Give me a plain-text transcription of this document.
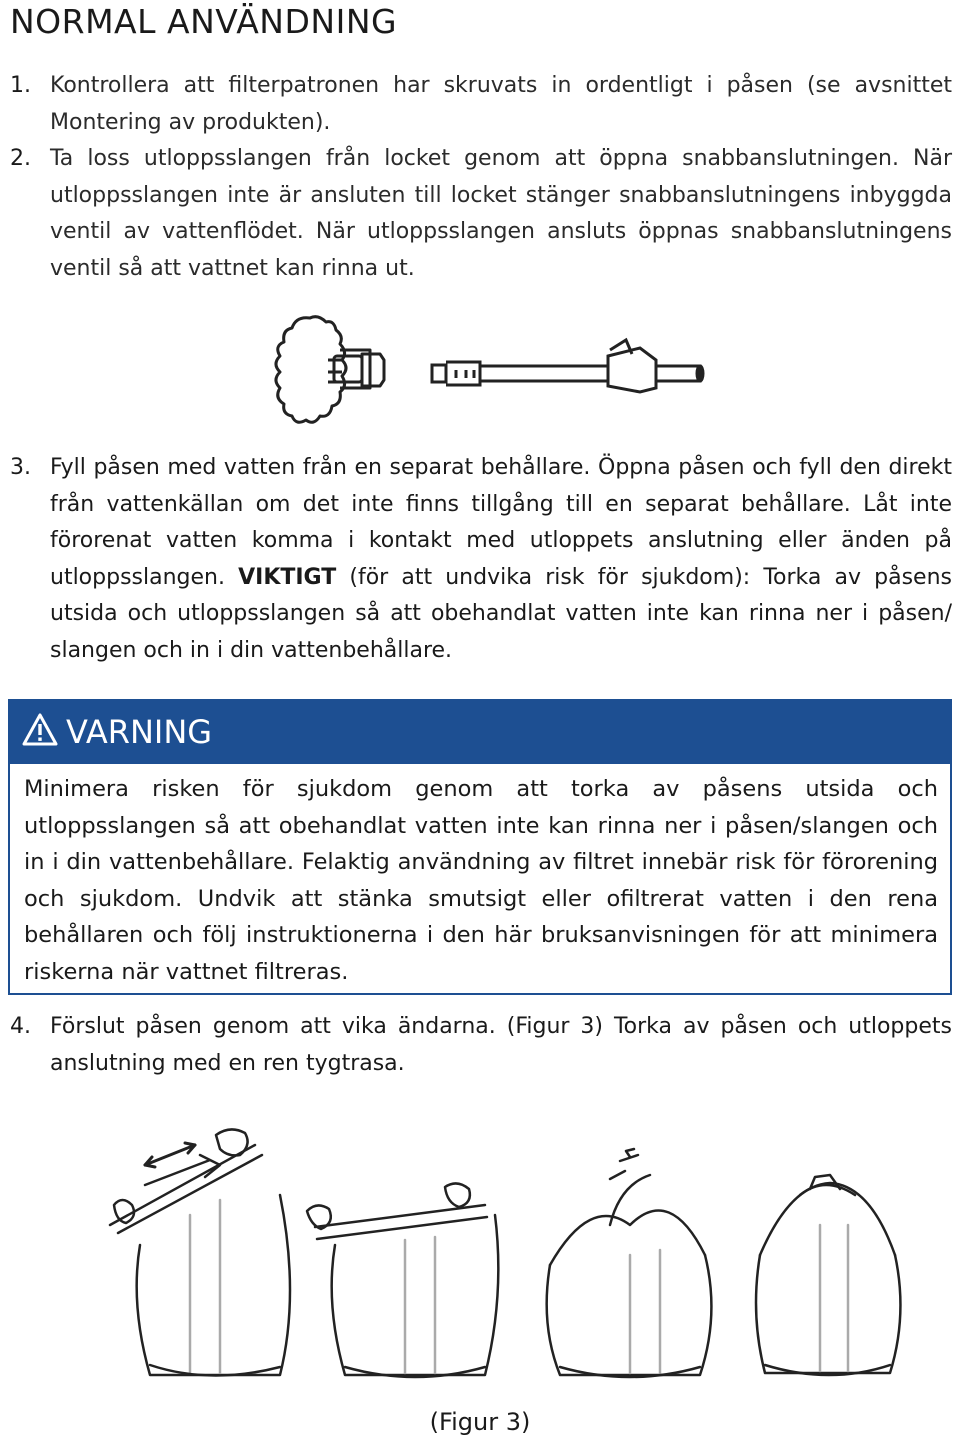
NORMAL ANVÄNDNING
1. Kontrollera att filterpatronen har skruvats in ordentligt i påsen (se avsnittet Montering av produkten).
2. Ta loss utloppsslangen från locket genom att öppna snabbanslutningen. När utloppsslangen inte är ansluten till locket stänger snabbanslutningens inbyggda ventil av vattenflödet. När utloppsslangen ansluts öppnas snabbanslutningens ventil så att vattnet kan rinna ut.
3. Fyll påsen med vatten från en separat behållare. Öppna påsen och fyll den direkt från vattenkällan om det inte finns tillgång till en separat behållare. Låt inte förorenat vatten komma i kontakt med utloppets anslutning eller änden på utloppsslangen. VIKTIGT (för att undvika risk för sjukdom): Torka av påsens utsida och utloppsslangen så att obehandlat vatten inte kan rinna ner i påsen/ slangen och in i din vattenbehållare.
VARNING
Minimera risken för sjukdom genom att torka av påsens utsida och utloppsslangen så att obehandlat vatten inte kan rinna ner i påsen/slangen och in i din vattenbehållare. Felaktig användning av filtret innebär risk för förorening och sjukdom. Undvik att stänka smutsigt eller ofiltrerat vatten i den rena behållaren och följ instruktionerna i den här bruksanvisningen för att minimera riskerna när vattnet filtreras.
4. Förslut påsen genom att vika ändarna. (Figur 3) Torka av påsen och utloppets anslutning med en ren tygtrasa.
(Figur 3)
